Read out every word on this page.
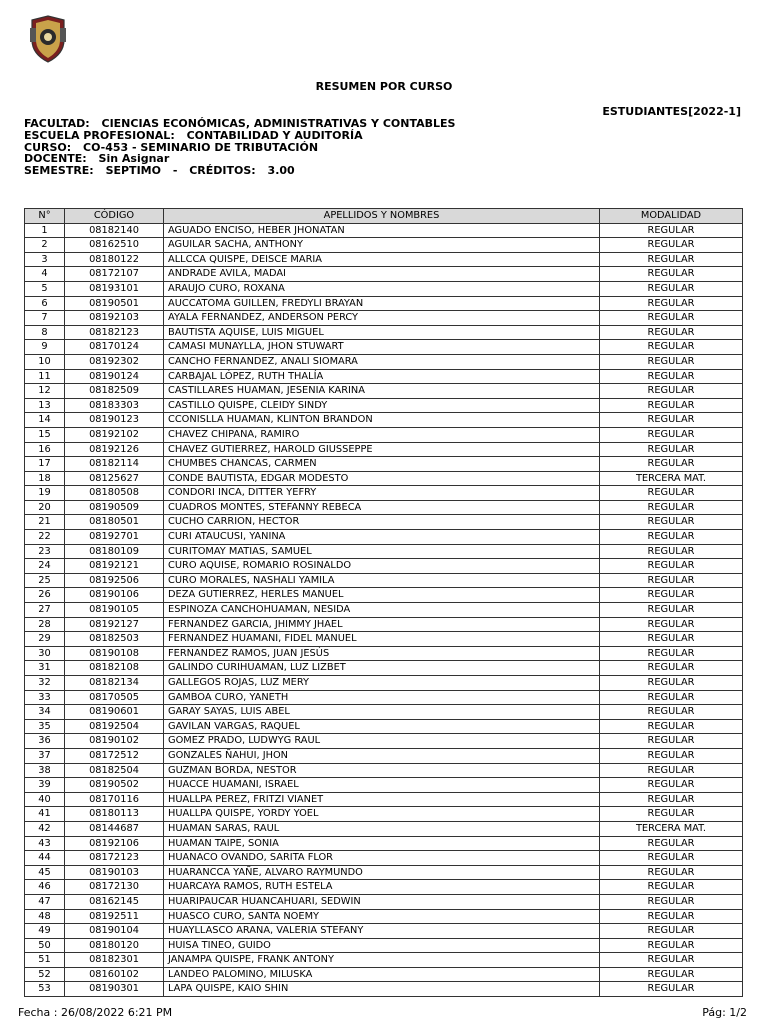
RESUMEN POR CURSO
ESTUDIANTES[2022-1]
FACULTAD: CIENCIAS ECONÓMICAS, ADMINISTRATIVAS Y CONTABLES
ESCUELA PROFESIONAL: CONTABILIDAD Y AUDITORÍA
CURSO: CO-453 - SEMINARIO DE TRIBUTACIÓN
DOCENTE: Sin Asignar
SEMESTRE: SEPTIMO - CRÉDITOS: 3.00
N°	CÓDIGO	APELLIDOS Y NOMBRES	MODALIDAD
1	08182140	AGUADO ENCISO, HEBER JHONATAN	REGULAR
2	08162510	AGUILAR SACHA, ANTHONY	REGULAR
3	08180122	ALLCCA QUISPE, DEISCE MARIA	REGULAR
4	08172107	ANDRADE AVILA, MADAI	REGULAR
5	08193101	ARAUJO CURO, ROXANA	REGULAR
6	08190501	AUCCATOMA GUILLEN, FREDYLI BRAYAN	REGULAR
7	08192103	AYALA FERNANDEZ, ANDERSON PERCY	REGULAR
8	08182123	BAUTISTA AQUISE, LUIS MIGUEL	REGULAR
9	08170124	CAMASI MUNAYLLA, JHON STUWART	REGULAR
10	08192302	CANCHO FERNANDEZ, ANALI SIOMARA	REGULAR
11	08190124	CARBAJAL LÓPEZ, RUTH THALÍA	REGULAR
12	08182509	CASTILLARES HUAMAN, JESENIA KARINA	REGULAR
13	08183303	CASTILLO QUISPE, CLEIDY SINDY	REGULAR
14	08190123	CCONISLLA HUAMAN, KLINTON BRANDON	REGULAR
15	08192102	CHAVEZ CHIPANA, RAMIRO	REGULAR
16	08192126	CHAVEZ GUTIERREZ, HAROLD GIUSSEPPE	REGULAR
17	08182114	CHUMBES CHANCAS, CARMEN	REGULAR
18	08125627	CONDE BAUTISTA, EDGAR MODESTO	TERCERA MAT.
19	08180508	CONDORI INCA, DITTER YEFRY	REGULAR
20	08190509	CUADROS MONTES, STEFANNY REBECA	REGULAR
21	08180501	CUCHO CARRION, HECTOR	REGULAR
22	08192701	CURI ATAUCUSI, YANINA	REGULAR
23	08180109	CURITOMAY MATIAS, SAMUEL	REGULAR
24	08192121	CURO AQUISE, ROMARIO ROSINALDO	REGULAR
25	08192506	CURO MORALES, NASHALI YAMILA	REGULAR
26	08190106	DEZA GUTIERREZ, HERLES MANUEL	REGULAR
27	08190105	ESPINOZA CANCHOHUAMAN, NESIDA	REGULAR
28	08192127	FERNANDEZ GARCIA, JHIMMY JHAEL	REGULAR
29	08182503	FERNANDEZ HUAMANI, FIDEL MANUEL	REGULAR
30	08190108	FERNANDEZ RAMOS, JUAN JESÚS	REGULAR
31	08182108	GALINDO CURIHUAMAN, LUZ LIZBET	REGULAR
32	08182134	GALLEGOS ROJAS, LUZ MERY	REGULAR
33	08170505	GAMBOA CURO, YANETH	REGULAR
34	08190601	GARAY SAYAS, LUIS ABEL	REGULAR
35	08192504	GAVILAN VARGAS, RAQUEL	REGULAR
36	08190102	GOMEZ PRADO, LUDWYG RAUL	REGULAR
37	08172512	GONZALES ÑAHUI, JHON	REGULAR
38	08182504	GUZMAN BORDA, NESTOR	REGULAR
39	08190502	HUACCE HUAMANI, ISRAEL	REGULAR
40	08170116	HUALLPA PEREZ, FRITZI VIANET	REGULAR
41	08180113	HUALLPA QUISPE, YORDY YOEL	REGULAR
42	08144687	HUAMAN SARAS, RAUL	TERCERA MAT.
43	08192106	HUAMAN TAIPE, SONIA	REGULAR
44	08172123	HUANACO OVANDO, SARITA FLOR	REGULAR
45	08190103	HUARANCCA YAÑE, ALVARO RAYMUNDO	REGULAR
46	08172130	HUARCAYA RAMOS, RUTH ESTELA	REGULAR
47	08162145	HUARIPAUCAR HUANCAHUARI, SEDWIN	REGULAR
48	08192511	HUASCO CURO, SANTA NOEMY	REGULAR
49	08190104	HUAYLLASCO ARANA, VALERIA STEFANY	REGULAR
50	08180120	HUISA TINEO, GUIDO	REGULAR
51	08182301	JANAMPA QUISPE, FRANK ANTONY	REGULAR
52	08160102	LANDEO PALOMINO, MILUSKA	REGULAR
53	08190301	LAPA QUISPE, KAIO SHIN	REGULAR
Fecha : 26/08/2022 6:21 PM	Pág: 1/2
